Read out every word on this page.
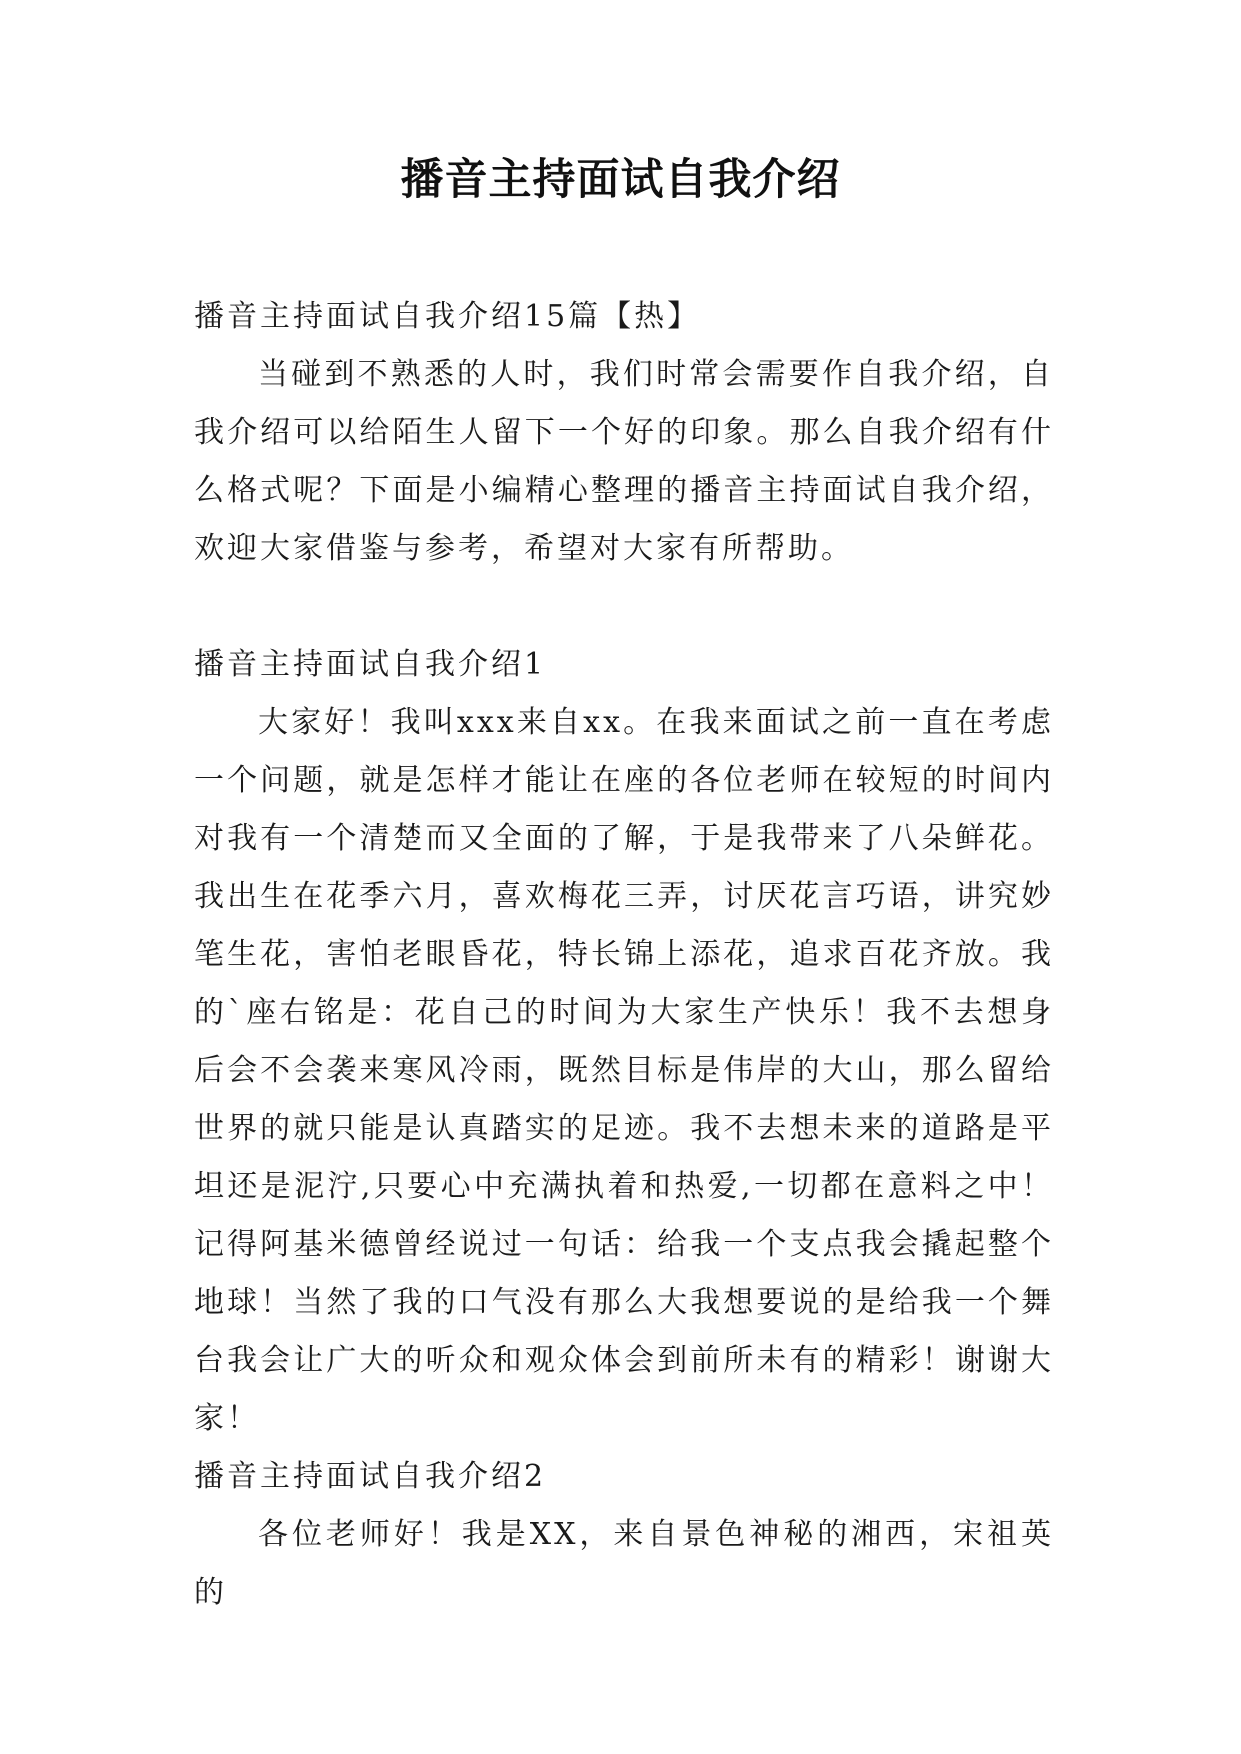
播音主持面试自我介绍

播音主持面试自我介绍15篇【热】

当碰到不熟悉的人时，我们时常会需要作自我介绍，自我介绍可以给陌生人留下一个好的印象。那么自我介绍有什么格式呢？下面是小编精心整理的播音主持面试自我介绍，欢迎大家借鉴与参考，希望对大家有所帮助。

播音主持面试自我介绍1

大家好！我叫xxx来自xx。在我来面试之前一直在考虑一个问题，就是怎样才能让在座的各位老师在较短的时间内对我有一个清楚而又全面的了解，于是我带来了八朵鲜花。我出生在花季六月，喜欢梅花三弄，讨厌花言巧语，讲究妙笔生花，害怕老眼昏花，特长锦上添花，追求百花齐放。我的`座右铭是：花自己的时间为大家生产快乐！我不去想身后会不会袭来寒风冷雨，既然目标是伟岸的大山，那么留给世界的就只能是认真踏实的足迹。我不去想未来的道路是平坦还是泥泞,只要心中充满执着和热爱,一切都在意料之中！记得阿基米德曾经说过一句话：给我一个支点我会撬起整个地球！当然了我的口气没有那么大我想要说的是给我一个舞台我会让广大的听众和观众体会到前所未有的精彩！谢谢大家！

播音主持面试自我介绍2

各位老师好！我是XX，来自景色神秘的湘西，宋祖英的
